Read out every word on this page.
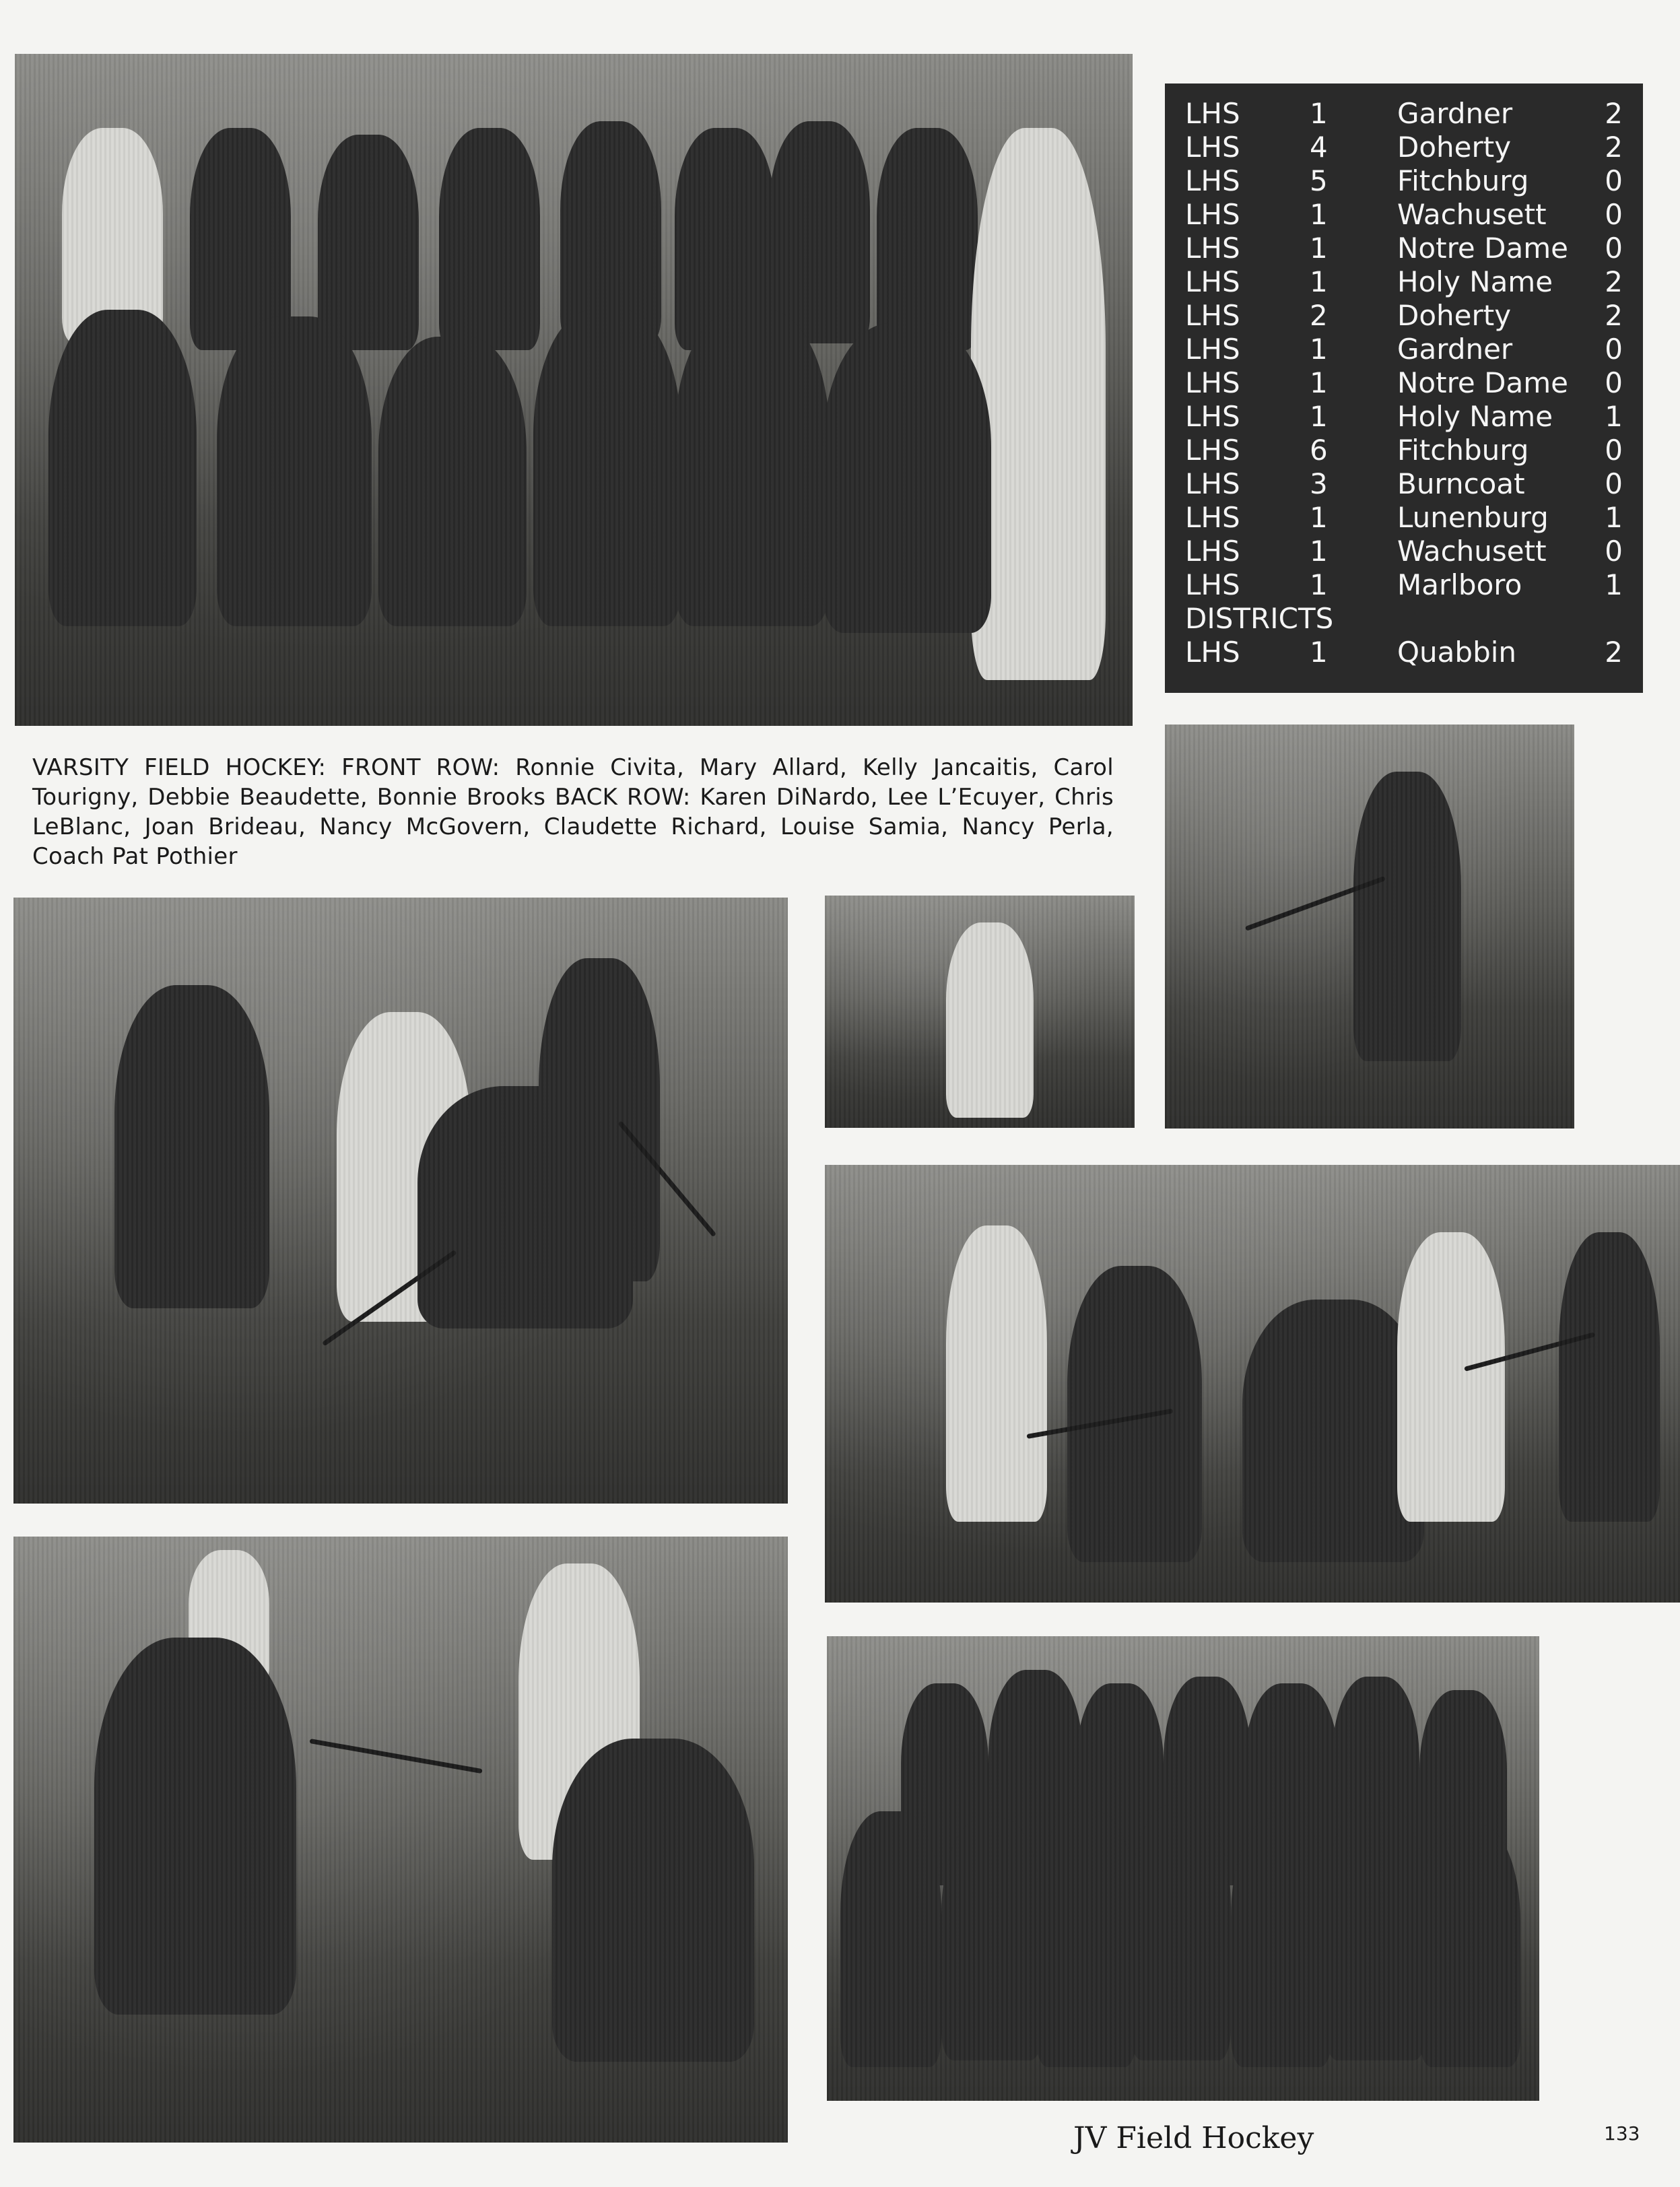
LHS 1 Gardner	2
LHS 4 Doherty	2
LHS 5 Fitchburg	0
LHS 1 Wachusett 0
LHS 1 Notre Dame 0
LHS 1 Holy Name 2
LHS 2 Doherty	2
LHS 1 Gardner	0
LHS 1 Notre Dame 0
LHS 1 Holy Name 1
LHS 6 Fitchburg	0
LHS 3 Burncoat	0
LHS 1 Lunenburg 1
LHS 1 Wachusett 0
LHS 1 Marlboro	1
DISTRICTS
LHS 1 Quabbin	2
VARSITY FIELD HOCKEY: FRONT ROW: Ronnie Civita, Mary Allard, Kelly Jancaitis, Carol Tourigny, Debbie Beaudette, Bonnie Brooks BACK ROW: Karen DiNardo, Lee L’Ecuyer, Chris LeBlanc, Joan Brideau, Nancy McGovern, Claudette Richard, Louise Samia, Nancy Perla, Coach Pat Pothier
JV Field Hockey	133
